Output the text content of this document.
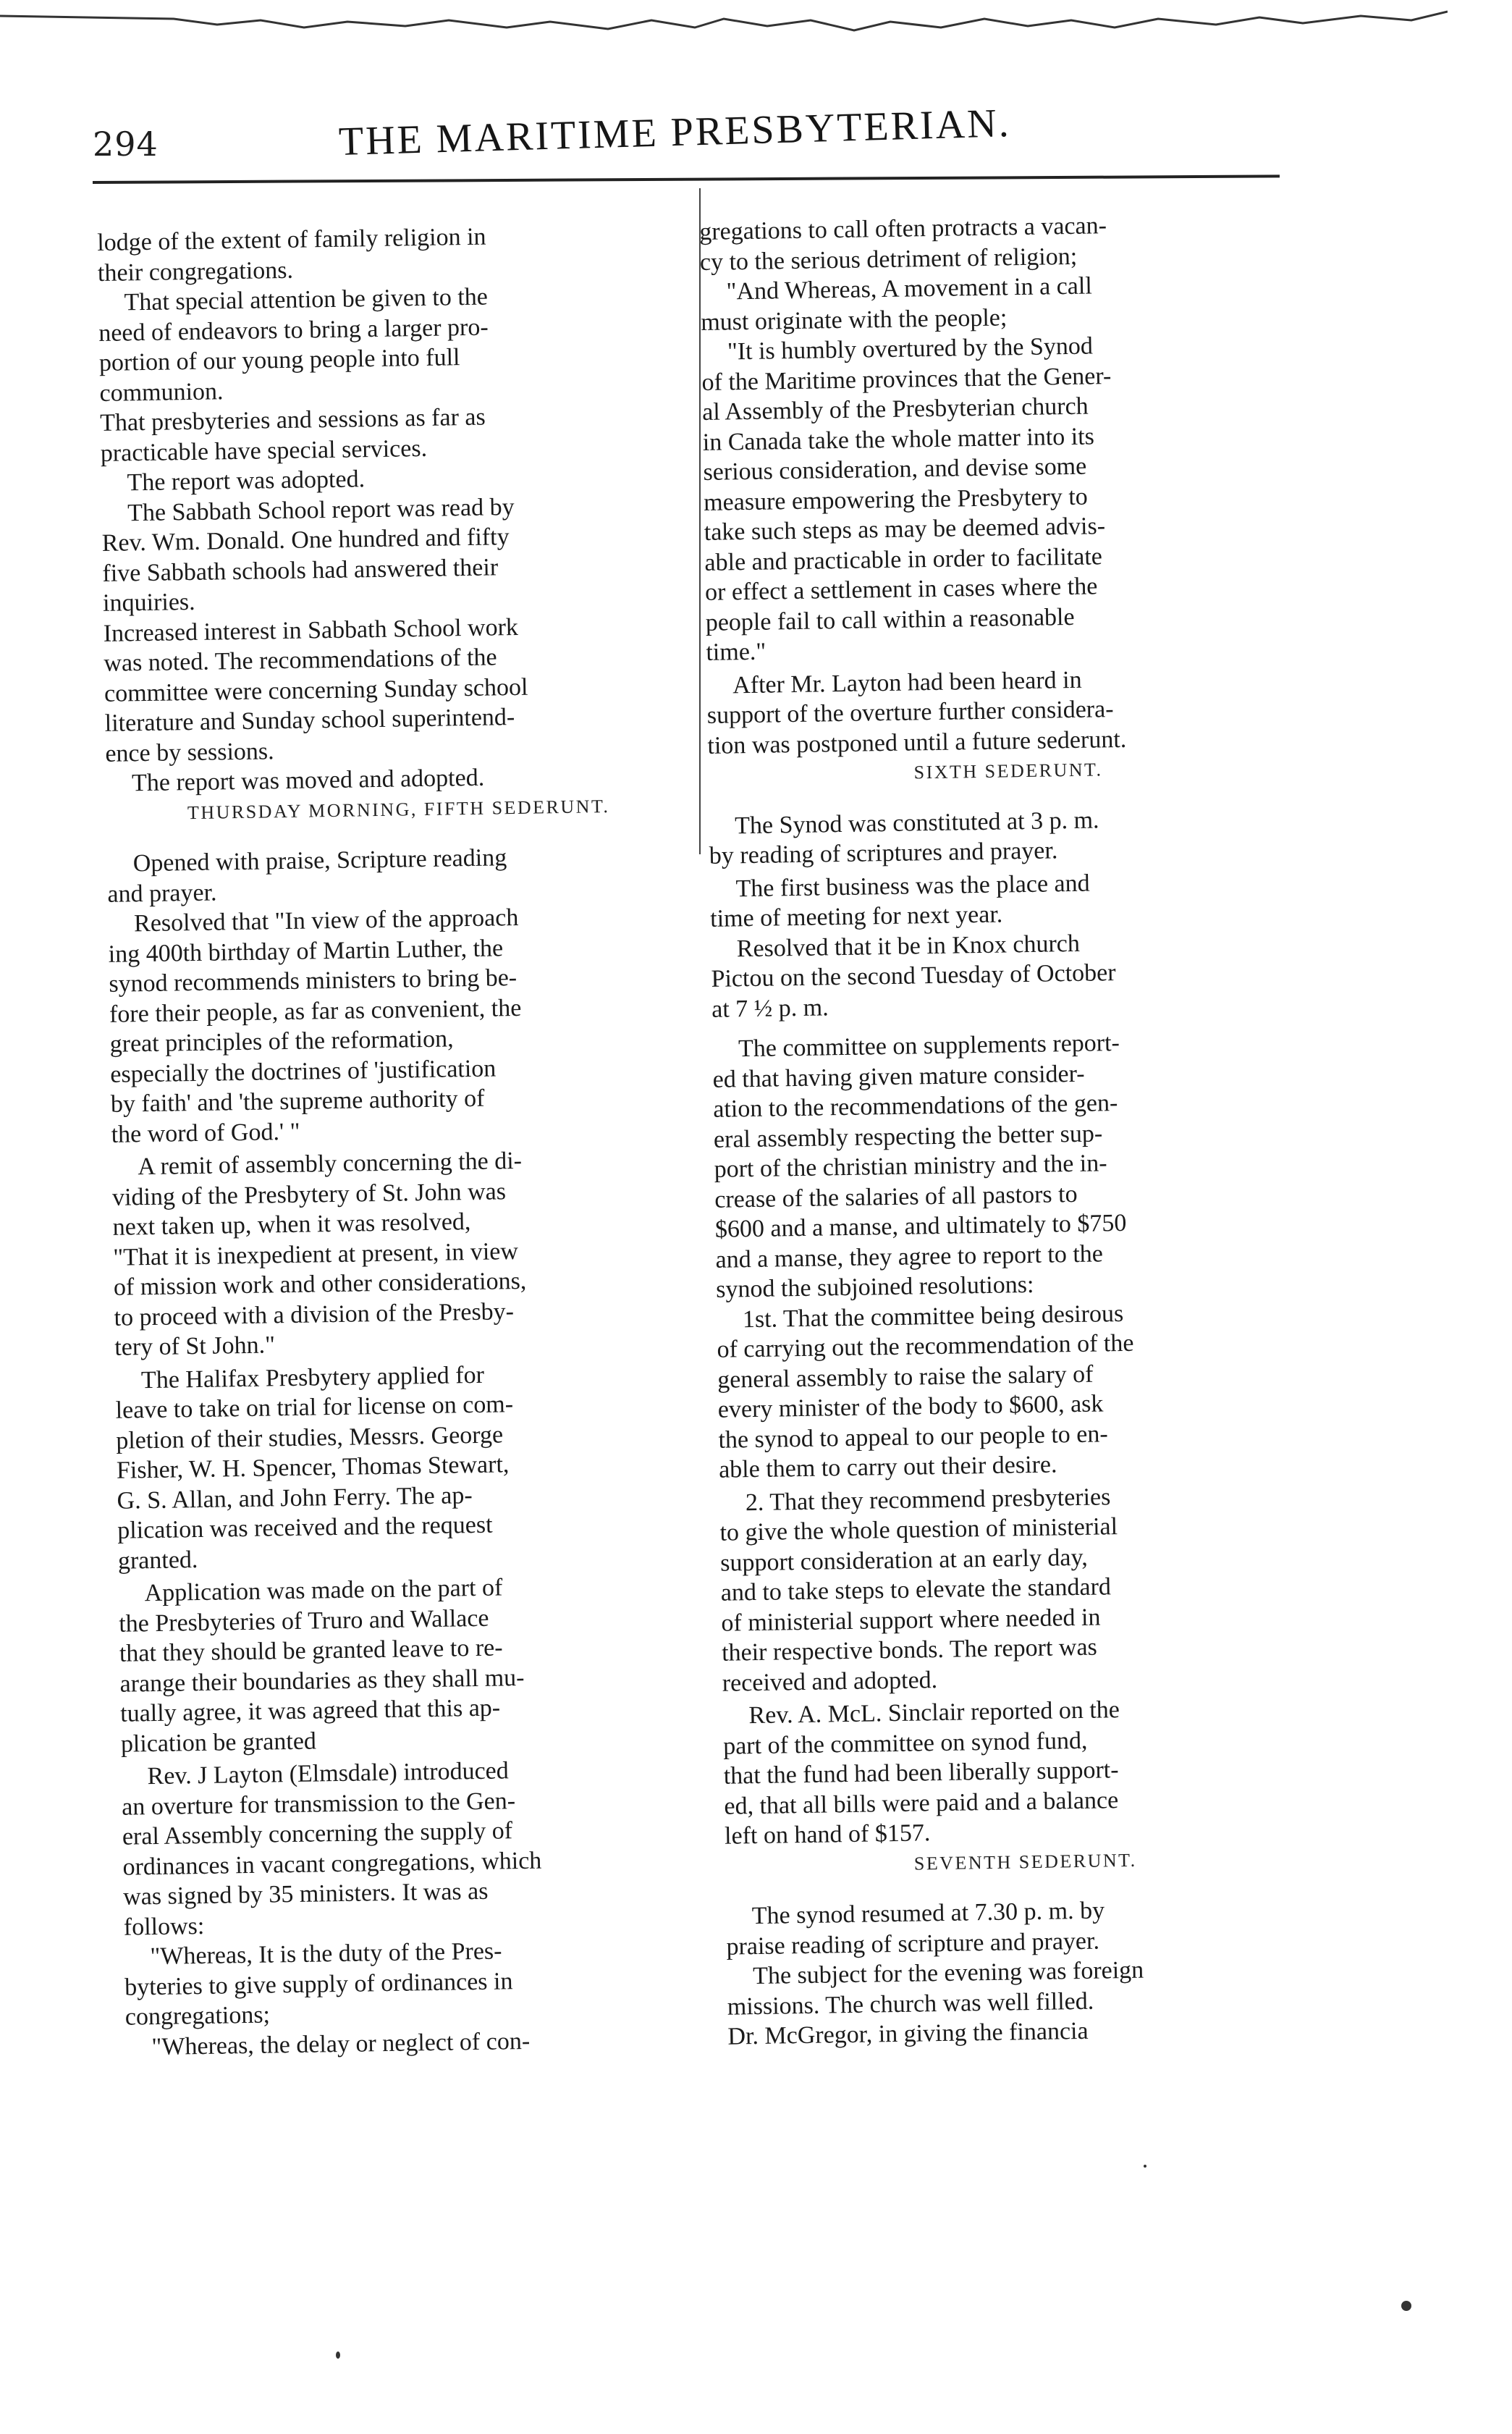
294	THE MARITIME PRESBYTERIAN.

lodge of the extent of family religion in
their congregations.

That special attention be given to the
need of endeavors to bring a larger pro-
portion of our young people into full
communion.

That presbyteries and sessions as far as
practicable have special services.

The report was adopted.

The Sabbath School report was read by
Rev. Wm. Donald. One hundred and fifty
five Sabbath schools had answered their
inquiries.

Increased interest in Sabbath School work
was noted. The recommendations of the
committee were concerning Sunday school
literature and Sunday school superintend-
ence by sessions.

The report was moved and adopted.

THURSDAY MORNING, FIFTH SEDERUNT.

Opened with praise, Scripture reading
and prayer.

Resolved that "In view of the approach
ing 400th birthday of Martin Luther, the
synod recommends ministers to bring be-
fore their people, as far as convenient, the
great principles of the reformation,
especially the doctrines of 'justification
by faith' and 'the supreme authority of
the word of God.' "

A remit of assembly concerning the di-
viding of the Presbytery of St. John was
next taken up, when it was resolved,
"That it is inexpedient at present, in view
of mission work and other considerations,
to proceed with a division of the Presby-
tery of St John."

The Halifax Presbytery applied for
leave to take on trial for license on com-
pletion of their studies, Messrs. George
Fisher, W. H. Spencer, Thomas Stewart,
G. S. Allan, and John Ferry. The ap-
plication was received and the request
granted.

Application was made on the part of
the Presbyteries of Truro and Wallace
that they should be granted leave to re-
arange their boundaries as they shall mu-
tually agree, it was agreed that this ap-
plication be granted

Rev. J Layton (Elmsdale) introduced
an overture for transmission to the Gen-
eral Assembly concerning the supply of
ordinances in vacant congregations, which
was signed by 35 ministers. It was as
follows:

"Whereas, It is the duty of the Pres-
byteries to give supply of ordinances in
congregations;

"Whereas, the delay or neglect of con-

gregations to call often protracts a vacan-
cy to the serious detriment of religion;

"And Whereas, A movement in a call
must originate with the people;

"It is humbly overtured by the Synod
of the Maritime provinces that the Gener-
al Assembly of the Presbyterian church
in Canada take the whole matter into its
serious consideration, and devise some
measure empowering the Presbytery to
take such steps as may be deemed advis-
able and practicable in order to facilitate
or effect a settlement in cases where the
people fail to call within a reasonable
time."

After Mr. Layton had been heard in
support of the overture further considera-
tion was postponed until a future sederunt.

SIXTH SEDERUNT.

The Synod was constituted at 3 p. m.
by reading of scriptures and prayer.

The first business was the place and
time of meeting for next year.

Resolved that it be in Knox church
Pictou on the second Tuesday of October
at 7 ½ p. m.

The committee on supplements report-
ed that having given mature consider-
ation to the recommendations of the gen-
eral assembly respecting the better sup-
port of the christian ministry and the in-
crease of the salaries of all pastors to
$600 and a manse, and ultimately to $750
and a manse, they agree to report to the
synod the subjoined resolutions:

1st. That the committee being desirous
of carrying out the recommendation of the
general assembly to raise the salary of
every minister of the body to $600, ask
the synod to appeal to our people to en-
able them to carry out their desire.

2. That they recommend presbyteries
to give the whole question of ministerial
support consideration at an early day,
and to take steps to elevate the standard
of ministerial support where needed in
their respective bonds. The report was
received and adopted.

Rev. A. McL. Sinclair reported on the
part of the committee on synod fund,
that the fund had been liberally support-
ed, that all bills were paid and a balance
left on hand of $157.

SEVENTH SEDERUNT.

The synod resumed at 7.30 p. m. by
praise reading of scripture and prayer.

The subject for the evening was foreign
missions. The church was well filled.
Dr. McGregor, in giving the financia
